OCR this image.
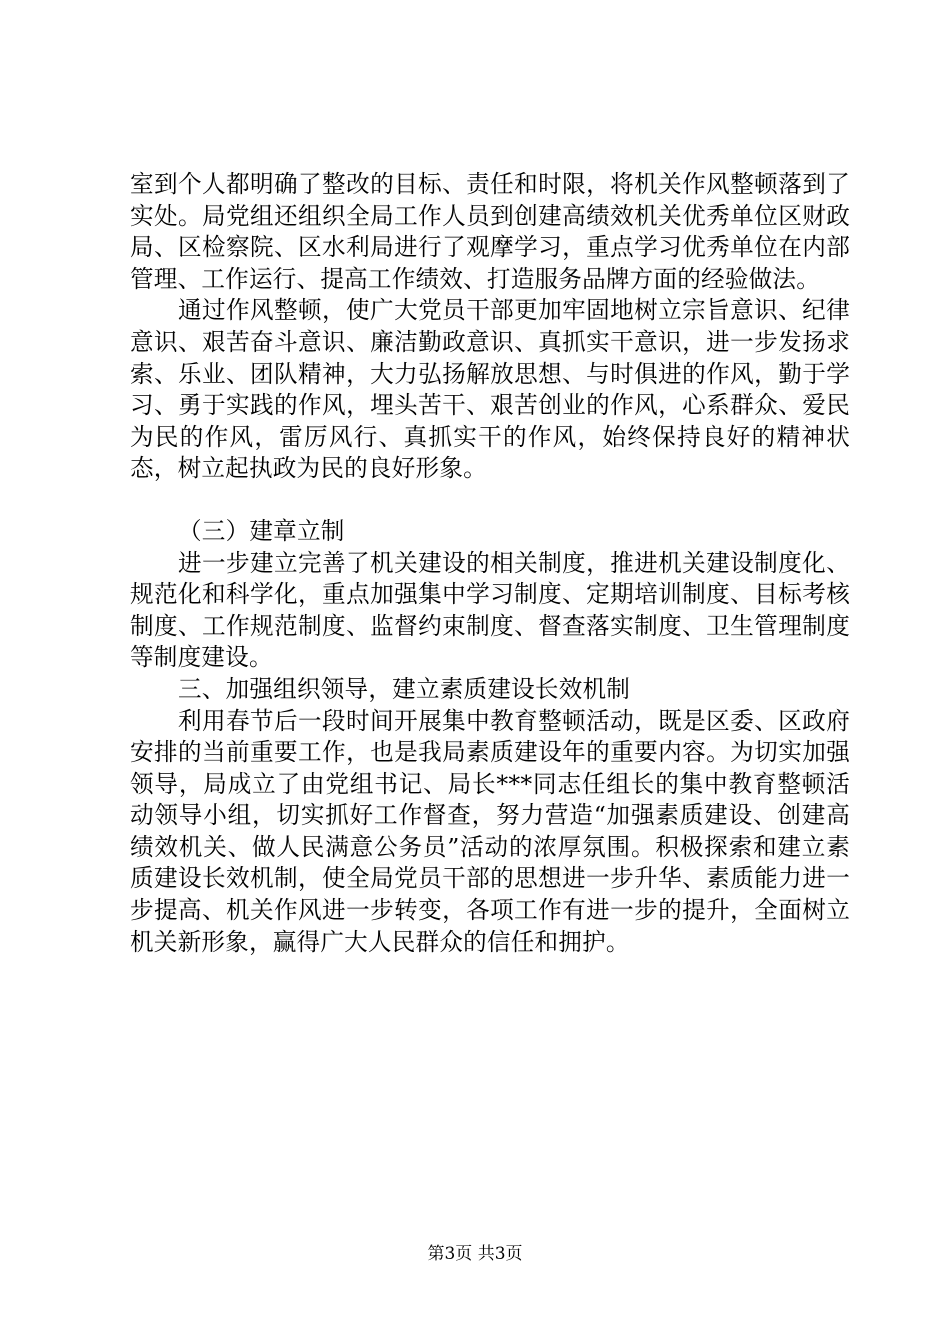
室到个人都明确了整改的目标、责任和时限，将机关作风整顿落到了实处。局党组还组织全局工作人员到创建高绩效机关优秀单位区财政局、区检察院、区水利局进行了观摩学习，重点学习优秀单位在内部管理、工作运行、提高工作绩效、打造服务品牌方面的经验做法。

通过作风整顿，使广大党员干部更加牢固地树立宗旨意识、纪律意识、艰苦奋斗意识、廉洁勤政意识、真抓实干意识，进一步发扬求索、乐业、团队精神，大力弘扬解放思想、与时俱进的作风，勤于学习、勇于实践的作风，埋头苦干、艰苦创业的作风，心系群众、爱民为民的作风，雷厉风行、真抓实干的作风，始终保持良好的精神状态，树立起执政为民的良好形象。

（三）建章立制

进一步建立完善了机关建设的相关制度，推进机关建设制度化、规范化和科学化，重点加强集中学习制度、定期培训制度、目标考核制度、工作规范制度、监督约束制度、督查落实制度、卫生管理制度等制度建设。

三、加强组织领导，建立素质建设长效机制

利用春节后一段时间开展集中教育整顿活动，既是区委、区政府安排的当前重要工作，也是我局素质建设年的重要内容。为切实加强领导，局成立了由党组书记、局长***同志任组长的集中教育整顿活动领导小组，切实抓好工作督查，努力营造“加强素质建设、创建高绩效机关、做人民满意公务员”活动的浓厚氛围。积极探索和建立素质建设长效机制，使全局党员干部的思想进一步升华、素质能力进一步提高、机关作风进一步转变，各项工作有进一步的提升，全面树立机关新形象，赢得广大人民群众的信任和拥护。

第3页 共3页
